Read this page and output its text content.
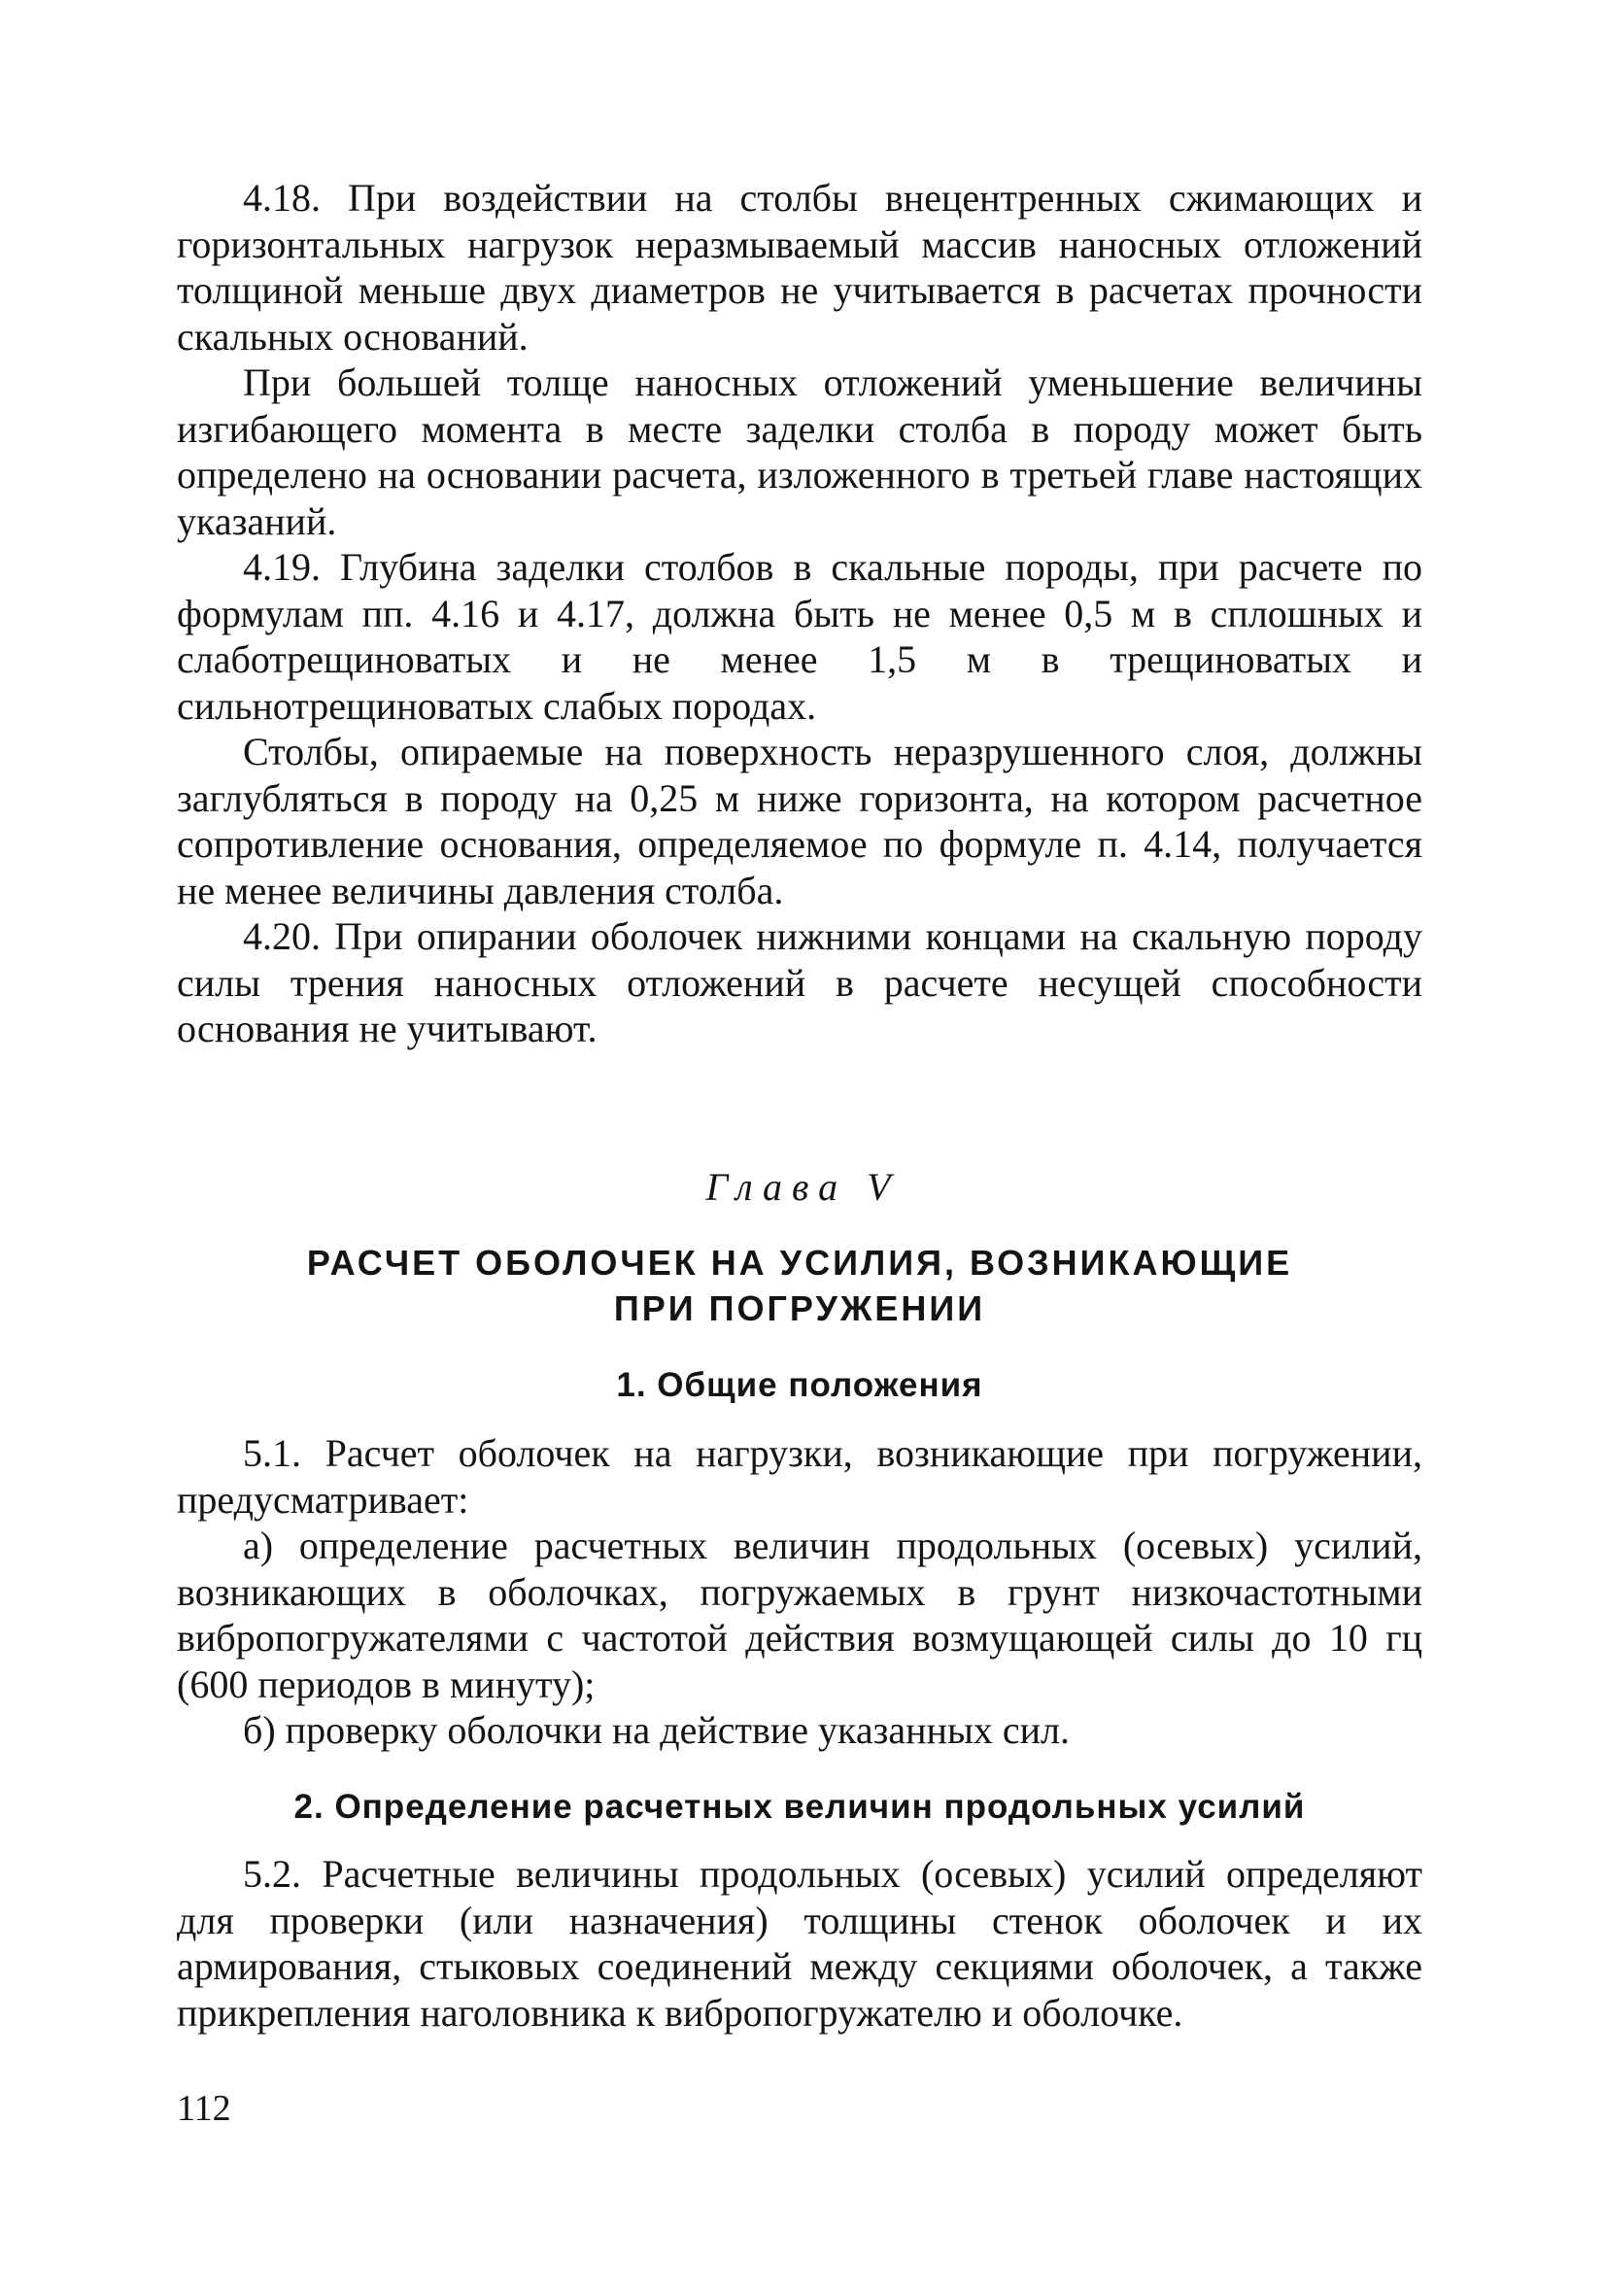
4.18. При воздействии на столбы внецентренных сжимающих и горизонтальных нагрузок неразмываемый массив наносных отложений толщиной меньше двух диаметров не учитывается в расчетах прочности скальных оснований.

При большей толще наносных отложений уменьшение величины изгибающего момента в месте заделки столба в породу может быть определено на основании расчета, изложенного в третьей главе настоящих указаний.

4.19. Глубина заделки столбов в скальные породы, при расчете по формулам пп. 4.16 и 4.17, должна быть не менее 0,5 м в сплошных и слаботрещиноватых и не менее 1,5 м в трещиноватых и сильнотрещиноватых слабых породах.

Столбы, опираемые на поверхность неразрушенного слоя, должны заглубляться в породу на 0,25 м ниже горизонта, на котором расчетное сопротивление основания, определяемое по формуле п. 4.14, получается не менее величины давления столба.

4.20. При опирании оболочек нижними концами на скальную породу силы трения наносных отложений в расчете несущей способности основания не учитывают.

Глава V

РАСЧЕТ ОБОЛОЧЕК НА УСИЛИЯ, ВОЗНИКАЮЩИЕ
ПРИ ПОГРУЖЕНИИ

1. Общие положения

5.1. Расчет оболочек на нагрузки, возникающие при погружении, предусматривает:

а) определение расчетных величин продольных (осевых) усилий, возникающих в оболочках, погружаемых в грунт низкочастотными вибропогружателями с частотой действия возмущающей силы до 10 гц (600 периодов в минуту);

б) проверку оболочки на действие указанных сил.

2. Определение расчетных величин продольных усилий

5.2. Расчетные величины продольных (осевых) усилий определяют для проверки (или назначения) толщины стенок оболочек и их армирования, стыковых соединений между секциями оболочек, а также прикрепления наголовника к вибропогружателю и оболочке.

112
